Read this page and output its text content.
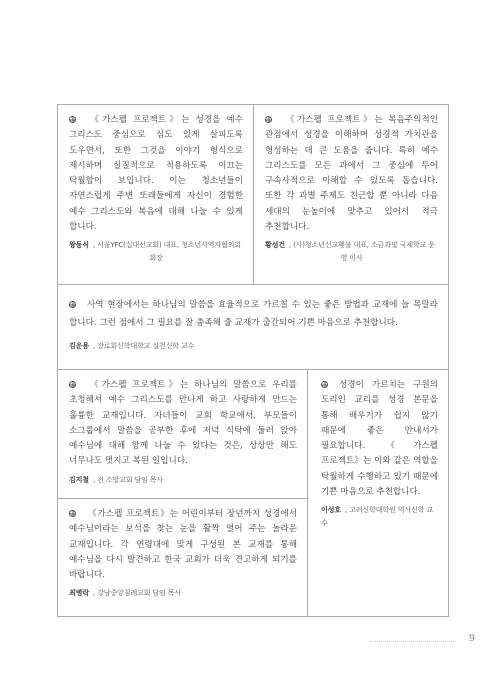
《가스펠 프로젝트》는 성경을 예수 그리스도 중심으로 심도 있게 살피도록 도우면서, 또한 그것을 이야기 형식으로 제시하며 실질적으로 적용하도록 이끄는 탁월함이 보입니다. 이는 청소년들이 자연스럽게 주변 또래들에게 자신이 경험한 예수 그리스도와 복음에 대해 나눌 수 있게 합니다.

왕동식 , 서울YFC(십대선교회) 대표, 청소년사역자협의회
회장

《가스펠 프로젝트》는 복음주의적인 관점에서 성경을 이해하며 성경적 가치관을 형성하는 데 큰 도움을 줍니다. 특히 예수 그리스도를 모든 과에서 그 중심에 두어 구속사적으로 이해할 수 있도록 돕습니다. 또한 각 과별 주제도 친근할 뿐 아니라 다음 세대의 눈높이에 맞추고 있어서 적극 추천합니다.

황성건 , (사)청소년선교횃불 대표, 소금과빛 국제학교 운
영 이사

사역 현장에서는 하나님의 말씀을 효율적으로 가르칠 수 있는 좋은 방법과 교재에 늘 목말라 합니다. 그런 점에서 그 필요를 잘 충족해 줄 교재가 출간되어 기쁜 마음으로 추천합니다.

김운용 , 장로회신학대학교 실천신학 교수

《가스펠 프로젝트》는 하나님의 말씀으로 우리를 초청해서 예수 그리스도를 만나게 하고 사랑하게 만드는 훌륭한 교재입니다. 자녀들이 교회 학교에서, 부모들이 소그룹에서 말씀을 공부한 후에 저녁 식탁에 둘러 앉아 예수님에 대해 함께 나눌 수 있다는 것은, 상상만 해도 너무나도 멋지고 복된 일입니다.

김지철 , 전 소망교회 담임 목사

성경이 가르치는 구원의 도리인 교리를 성경 본문을 통해 배우기가 쉽지 않기 때문에 좋은 안내서가 필요합니다. 《가스펠 프로젝트》는 이와 같은 역할을 탁월하게 수행하고 있기 때문에 기쁜 마음으로 추천합니다.

이성호 , 고려신학대학원 역사신학 교수

《가스펠 프로젝트》는 어린이부터 장년까지 성경에서 예수님이라는 보석을 찾는 눈을 활짝 열어 주는 놀라운 교재입니다. 각 연령대에 맞게 구성된 본 교재를 통해 예수님을 다시 발견하고 한국 교회가 더욱 견고하게 되기를 바랍니다.

최병락 , 강남중앙침례교회 담임 목사
9
